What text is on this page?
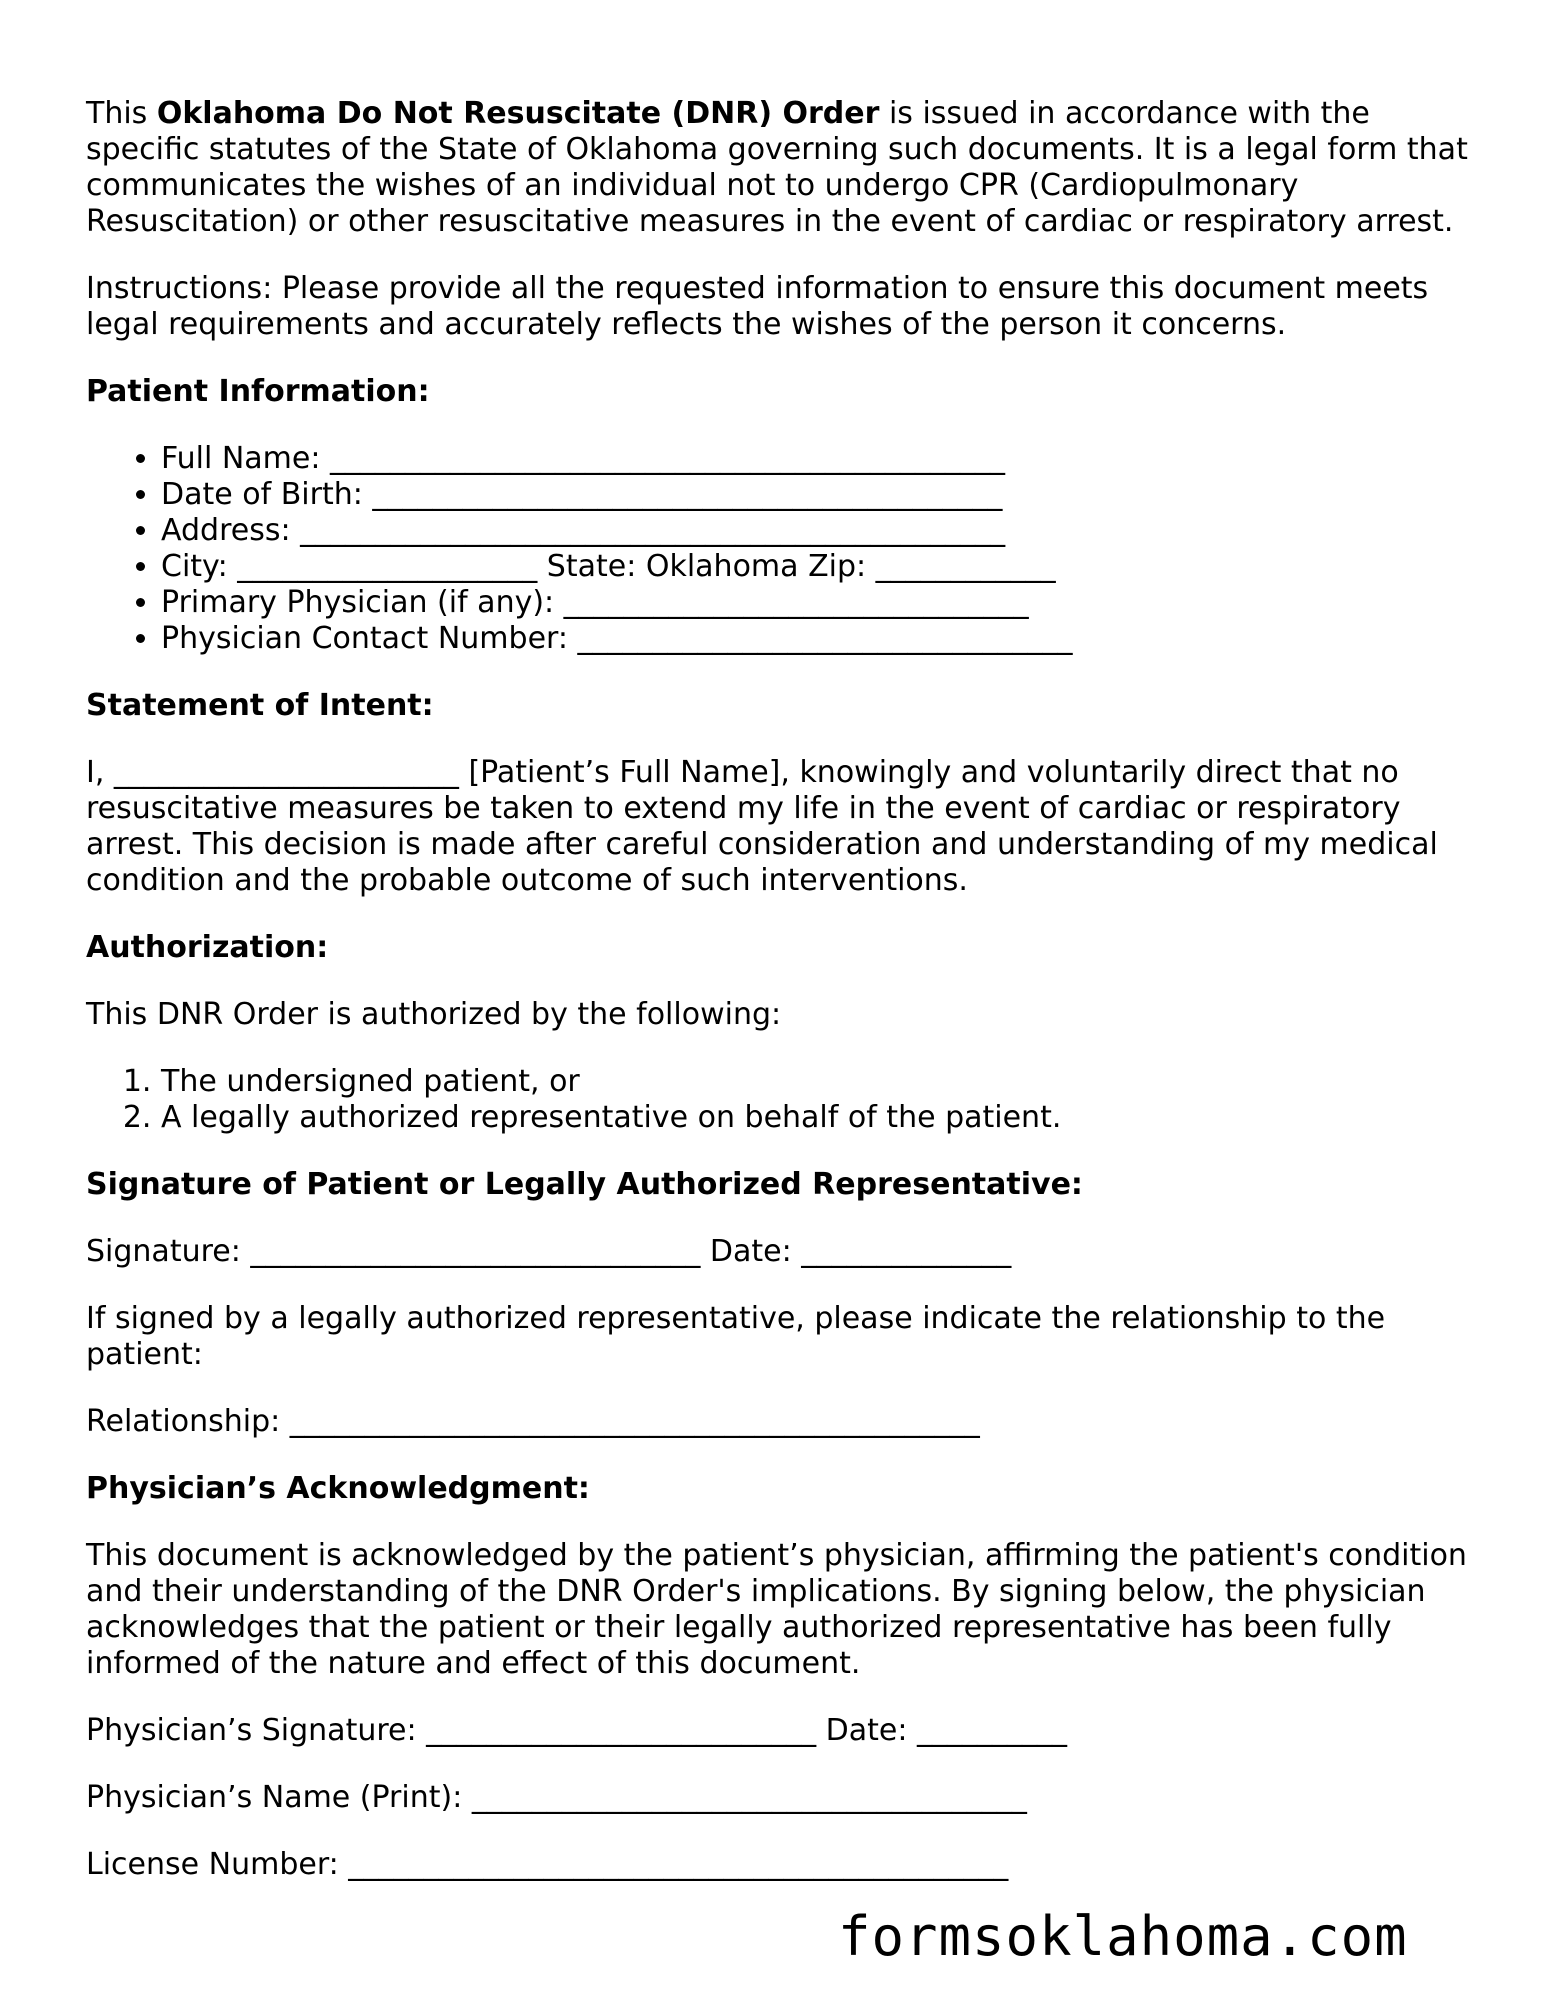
This Oklahoma Do Not Resuscitate (DNR) Order is issued in accordance with the specific statutes of the State of Oklahoma governing such documents. It is a legal form that communicates the wishes of an individual not to undergo CPR (Cardiopulmonary Resuscitation) or other resuscitative measures in the event of cardiac or respiratory arrest.

Instructions: Please provide all the requested information to ensure this document meets legal requirements and accurately reflects the wishes of the person it concerns.

Patient Information:
• Full Name: _____________________________________________
• Date of Birth: __________________________________________
• Address: _______________________________________________
• City: ____________________ State: Oklahoma Zip: ____________
• Primary Physician (if any): _______________________________
• Physician Contact Number: _________________________________
Statement of Intent:

I, _______________________ [Patient’s Full Name], knowingly and voluntarily direct that no resuscitative measures be taken to extend my life in the event of cardiac or respiratory arrest. This decision is made after careful consideration and understanding of my medical condition and the probable outcome of such interventions.

Authorization:

This DNR Order is authorized by the following:

1. The undersigned patient, or
2. A legally authorized representative on behalf of the patient.
Signature of Patient or Legally Authorized Representative:

Signature: ______________________________ Date: ______________

If signed by a legally authorized representative, please indicate the relationship to the patient:

Relationship: ______________________________________________

Physician’s Acknowledgment:

This document is acknowledged by the patient’s physician, affirming the patient's condition and their understanding of the DNR Order's implications. By signing below, the physician acknowledges that the patient or their legally authorized representative has been fully informed of the nature and effect of this document.

Physician’s Signature: __________________________ Date: __________

Physician’s Name (Print): _____________________________________

License Number: ____________________________________________

formsoklahoma.com
